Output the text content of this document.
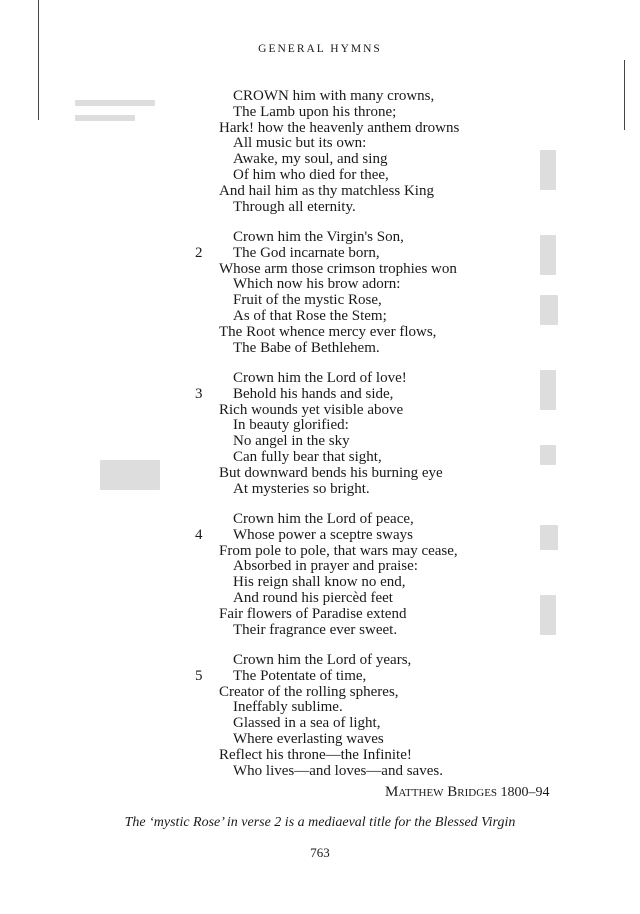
GENERAL HYMNS
CROWN him with many crowns,
The Lamb upon his throne;
Hark! how the heavenly anthem drowns
All music but its own:
Awake, my soul, and sing
Of him who died for thee,
And hail him as thy matchless King
Through all eternity.
2
Crown him the Virgin's Son,
The God incarnate born,
Whose arm those crimson trophies won
Which now his brow adorn:
Fruit of the mystic Rose,
As of that Rose the Stem;
The Root whence mercy ever flows,
The Babe of Bethlehem.
3
Crown him the Lord of love!
Behold his hands and side,
Rich wounds yet visible above
In beauty glorified:
No angel in the sky
Can fully bear that sight,
But downward bends his burning eye
At mysteries so bright.
4
Crown him the Lord of peace,
Whose power a sceptre sways
From pole to pole, that wars may cease,
Absorbed in prayer and praise:
His reign shall know no end,
And round his piercèd feet
Fair flowers of Paradise extend
Their fragrance ever sweet.
5
Crown him the Lord of years,
The Potentate of time,
Creator of the rolling spheres,
Ineffably sublime.
Glassed in a sea of light,
Where everlasting waves
Reflect his throne—the Infinite!
Who lives—and loves—and saves.
Matthew Bridges 1800–94
The ‘mystic Rose’ in verse 2 is a mediaeval title for the Blessed Virgin
763
